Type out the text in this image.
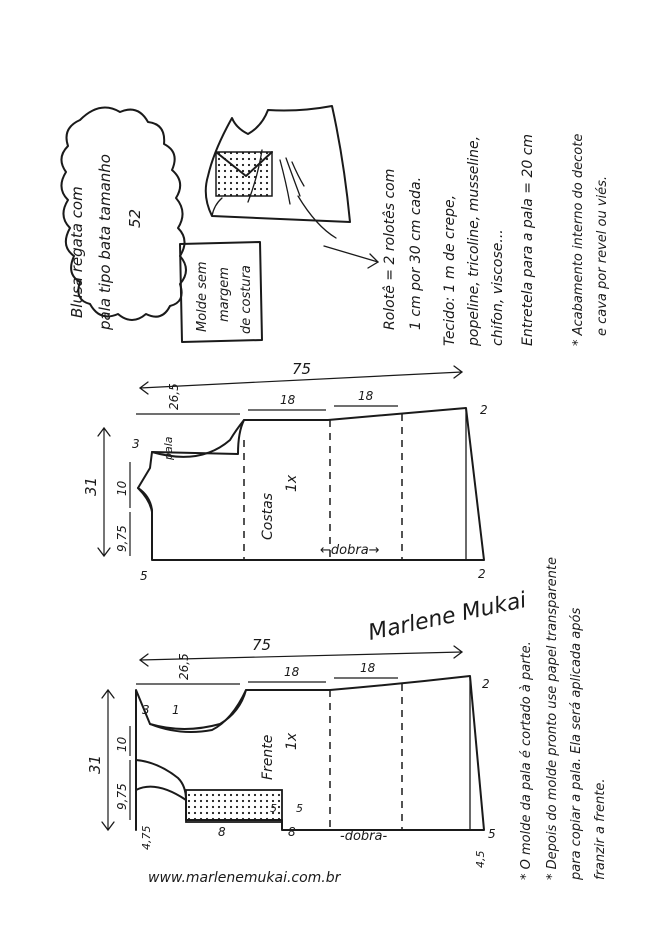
Blusa regata com pala tipo bata tamanho 52
Molde sem margem de costura	Rolotê = 2 rolotês com 1 cm por 30 cm cada. Tecido: 1 m de crepe, popeline, tricoline, musseline, chifon, viscose... Entretela para a pala = 20 cm	* Acabamento interno do decote e cava por revel ou viés.
Costas
1x
←dobra→
75
26,5	18	18
2
31 10
9,75
3 pala
5	2
Marlene Mukai
Frente 1x
-dobra-
75
26,5	18	18
2
31
10
9,75
3 1
4,75	8
5 5
8	5
4,5 * O molde da pala é cortado à parte. * Depois do molde pronto use papel transparente para copiar a pala. Ela será aplicada após franzir a frente.
www.marlenemukai.com.br
